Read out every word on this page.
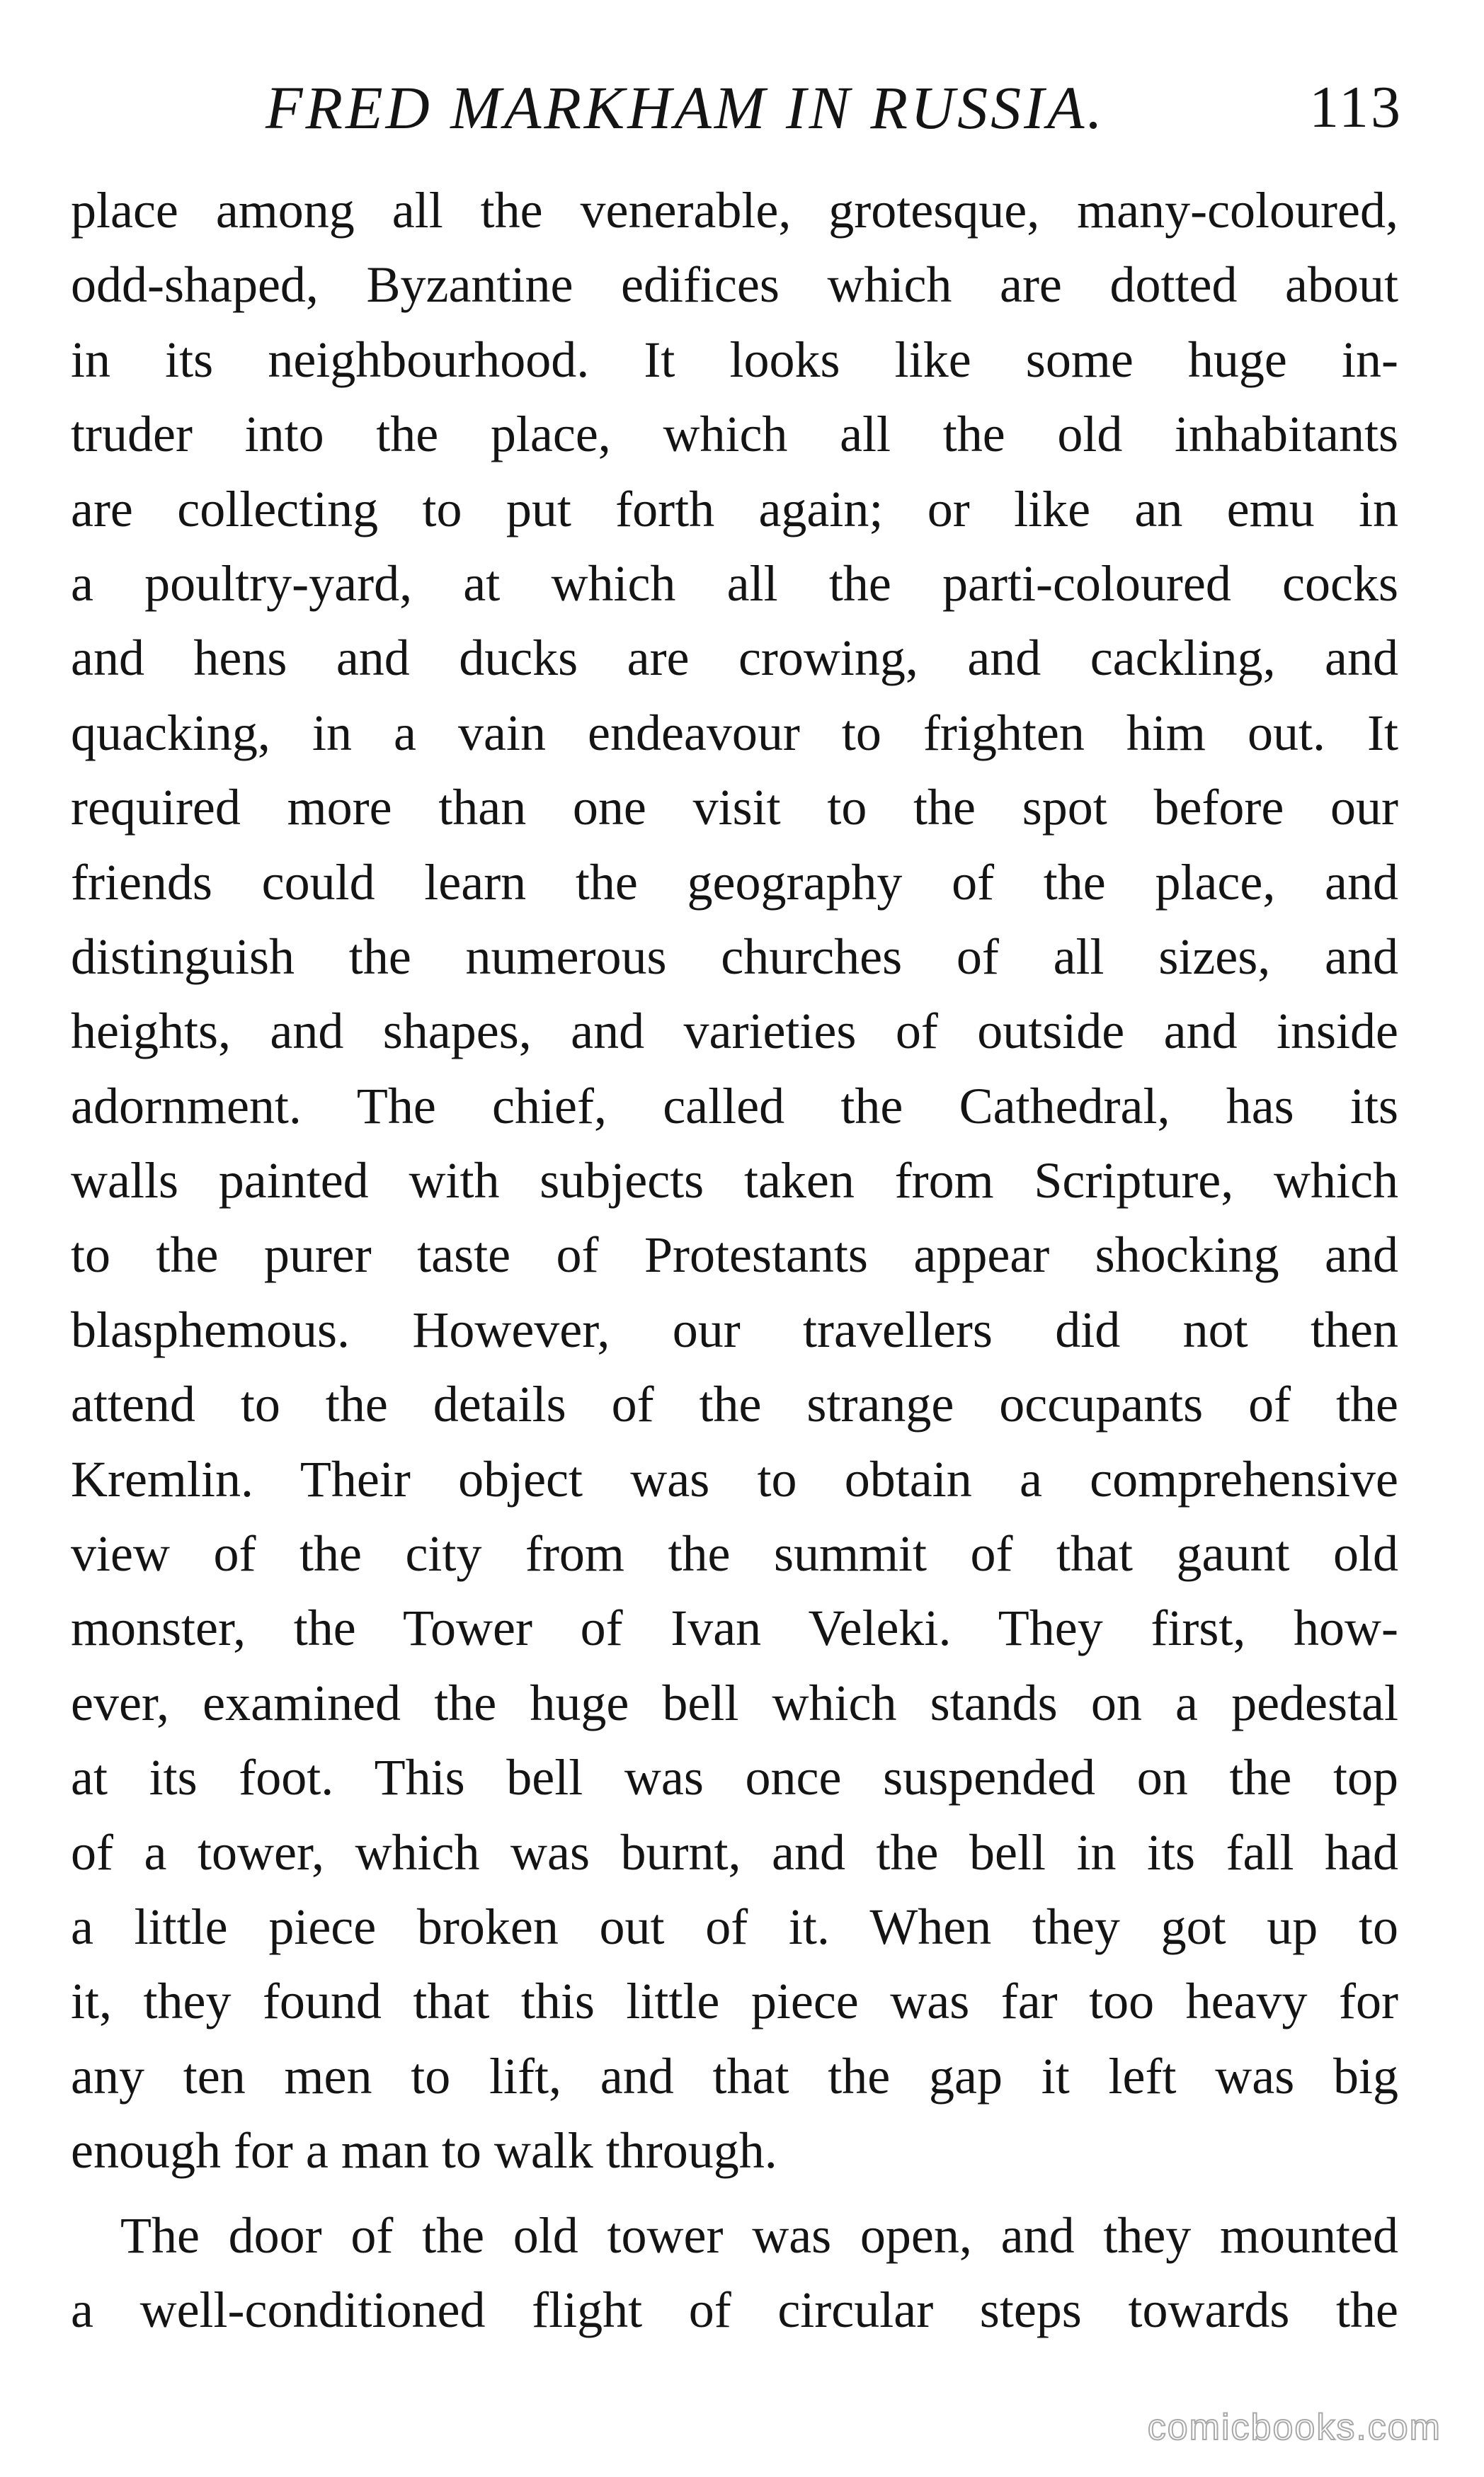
FRED MARKHAM IN RUSSIA.	113
place among all the venerable, grotesque, many-coloured,
odd-shaped, Byzantine edifices which are dotted about
in its neighbourhood. It looks like some huge in-
truder into the place, which all the old inhabitants
are collecting to put forth again; or like an emu in
a poultry-yard, at which all the parti-coloured cocks
and hens and ducks are crowing, and cackling, and
quacking, in a vain endeavour to frighten him out. It
required more than one visit to the spot before our
friends could learn the geography of the place, and
distinguish the numerous churches of all sizes, and
heights, and shapes, and varieties of outside and inside
adornment. The chief, called the Cathedral, has its
walls painted with subjects taken from Scripture, which
to the purer taste of Protestants appear shocking and
blasphemous. However, our travellers did not then
attend to the details of the strange occupants of the
Kremlin. Their object was to obtain a comprehensive
view of the city from the summit of that gaunt old
monster, the Tower of Ivan Veleki. They first, how-
ever, examined the huge bell which stands on a pedestal
at its foot. This bell was once suspended on the top
of a tower, which was burnt, and the bell in its fall had
a little piece broken out of it. When they got up to
it, they found that this little piece was far too heavy for
any ten men to lift, and that the gap it left was big
enough for a man to walk through.
The door of the old tower was open, and they mounted
a well-conditioned flight of circular steps towards the
comicbooks.com
